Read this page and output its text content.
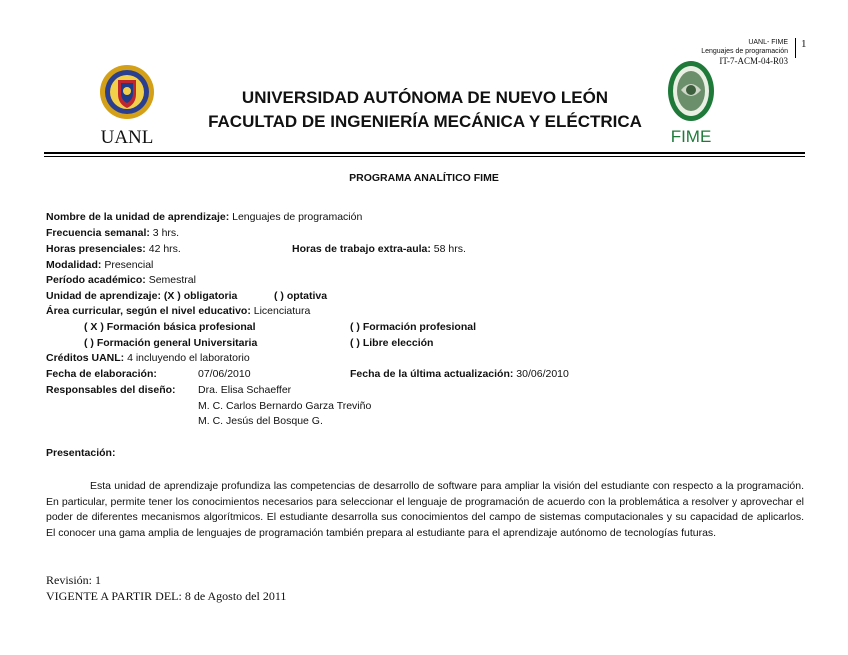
UANL- FIME
Lenguajes de programación
IT-7-ACM-04-R03
1
UANL	FIME
UNIVERSIDAD AUTÓNOMA DE NUEVO LEÓN
FACULTAD DE INGENIERÍA MECÁNICA Y ELÉCTRICA
PROGRAMA ANALÍTICO FIME
Nombre de la unidad de aprendizaje: Lenguajes de programación
Frecuencia semanal: 3 hrs.
Horas presenciales: 42 hrs.	Horas de trabajo extra-aula: 58 hrs.
Modalidad: Presencial
Período académico: Semestral
Unidad de aprendizaje: (X ) obligatoria	( ) optativa
Área curricular, según el nivel educativo: Licenciatura
( X ) Formación básica profesional	( ) Formación profesional
( ) Formación general Universitaria	( ) Libre elección
Créditos UANL: 4 incluyendo el laboratorio
Fecha de elaboración:	07/06/2010	Fecha de la última actualización: 30/06/2010
Responsables del diseño: Dra. Elisa Schaeffer
M. C. Carlos Bernardo Garza Treviño
M. C. Jesús del Bosque G.
Presentación:
Esta unidad de aprendizaje profundiza las competencias de desarrollo de software para ampliar la visión del estudiante con respecto a la programación. En particular, permite tener los conocimientos necesarios para seleccionar el lenguaje de programación de acuerdo con la problemática a resolver y aprovechar el poder de diferentes mecanismos algorítmicos. El estudiante desarrolla sus conocimientos del campo de sistemas computacionales y su capacidad de aplicarlos. El conocer una gama amplia de lenguajes de programación también prepara al estudiante para el aprendizaje autónomo de tecnologías futuras.
Revisión: 1
VIGENTE A PARTIR DEL: 8 de Agosto del 2011
